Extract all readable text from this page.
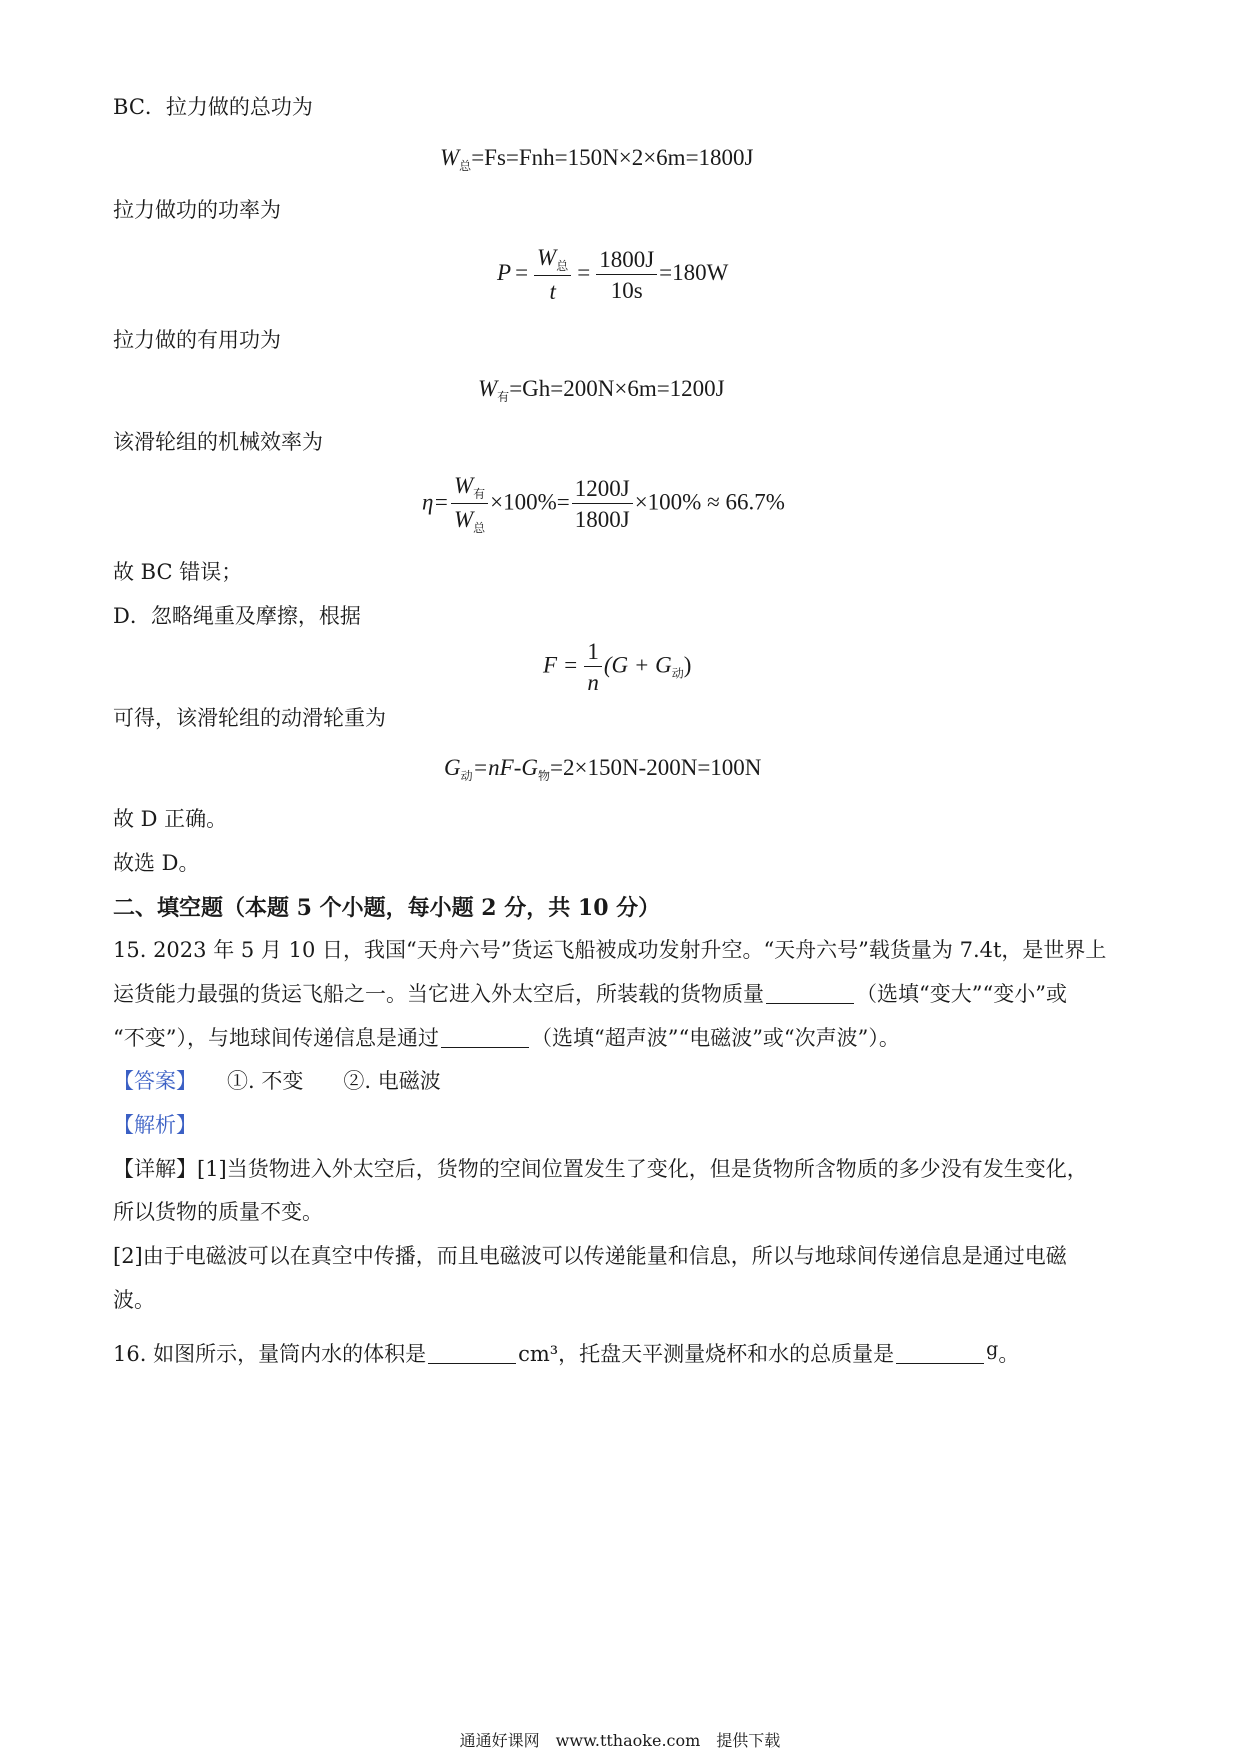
BC．拉力做的总功为
$W_总=Fs=Fnh=150N\times 2\times 6m=1800J$
拉力做功的功率为
$P = \frac{W_总}{t} = \frac{1800J}{10s} =180W$
拉力做的有用功为
$W_有=Gh=200N\times 6m=1200J$
该滑轮组的机械效率为
$\eta= \frac{W_有}{W_总} \times 100\%= \frac{1200J}{1800J} \times 100\% \approx 66.7\%$
故 BC 错误；
D．忽略绳重及摩擦，根据
$F = \frac{1}{n} (G + G_动)$
可得，该滑轮组的动滑轮重为
$G_动=nF-G_物=2\times 150N-200N=100N$
故 D 正确。
故选 D。
二、填空题（本题 5 个小题，每小题 2 分，共 10 分）
15. 2023 年 5 月 10 日，我国“天舟六号”货运飞船被成功发射升空。“天舟六号”载货量为 7.4t，是世界上
运货能力最强的货运飞船之一。当它进入外太空后，所装载的货物质量	（选填“变大”“变小”或
“不变”），与地球间传递信息是通过	（选填“超声波”“电磁波”或“次声波”）。
【答案】 ①. 不变 ②. 电磁波
【解析】
【详解】[1]当货物进入外太空后，货物的空间位置发生了变化，但是货物所含物质的多少没有发生变化，
所以货物的质量不变。
[2]由于电磁波可以在真空中传播，而且电磁波可以传递能量和信息，所以与地球间传递信息是通过电磁
波。
16. 如图所示，量筒内水的体积是	cm³，托盘天平测量烧杯和水的总质量是	g。
通通好课网　www.tthaoke.com　提供下载
